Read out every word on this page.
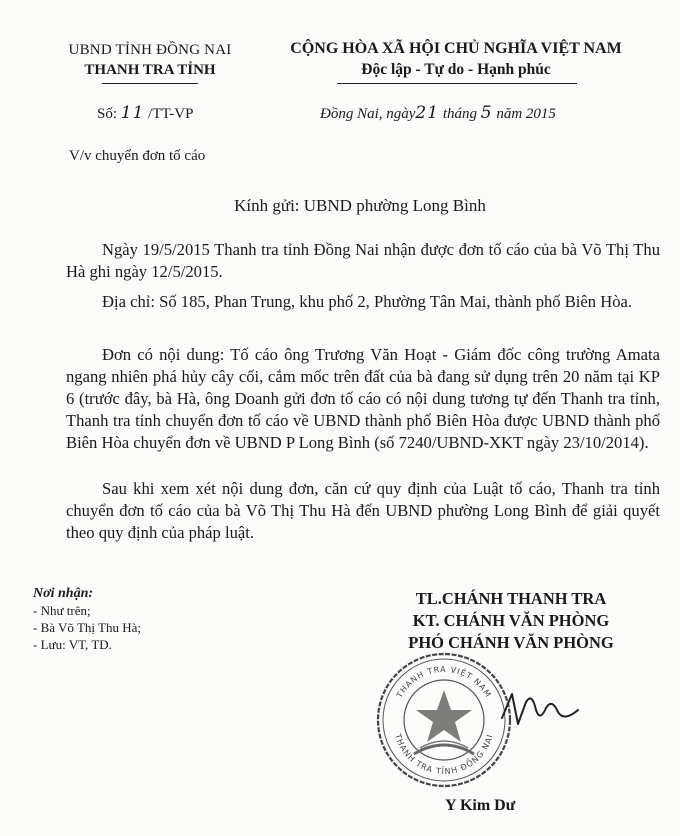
UBND TỈNH ĐỒNG NAI
THANH TRA TỈNH
CỘNG HÒA XÃ HỘI CHỦ NGHĨA VIỆT NAM
Độc lập - Tự do - Hạnh phúc
Số: 11 /TT-VP	Đồng Nai, ngày21 tháng 5 năm 2015
V/v chuyển đơn tố cáo
Kính gửi: UBND phường Long Bình
Ngày 19/5/2015 Thanh tra tỉnh Đồng Nai nhận được đơn tố cáo của bà Võ Thị Thu Hà ghi ngày 12/5/2015.
Địa chỉ: Số 185, Phan Trung, khu phố 2, Phường Tân Mai, thành phố Biên Hòa.
Đơn có nội dung: Tố cáo ông Trương Văn Hoạt - Giám đốc công trường Amata ngang nhiên phá hủy cây cối, cắm mốc trên đất của bà đang sử dụng trên 20 năm tại KP 6 (trước đây, bà Hà, ông Doanh gửi đơn tố cáo có nội dung tương tự đến Thanh tra tỉnh, Thanh tra tỉnh chuyển đơn tố cáo về UBND thành phố Biên Hòa được UBND thành phố Biên Hòa chuyển đơn về UBND P Long Bình (số 7240/UBND-XKT ngày 23/10/2014).
Sau khi xem xét nội dung đơn, căn cứ quy định của Luật tố cáo, Thanh tra tỉnh chuyển đơn tố cáo của bà Võ Thị Thu Hà đến UBND phường Long Bình để giải quyết theo quy định của pháp luật.
Nơi nhận:
- Như trên;
- Bà Võ Thị Thu Hà;
- Lưu: VT, TD.
TL.CHÁNH THANH TRA
KT. CHÁNH VĂN PHÒNG
PHÓ CHÁNH VĂN PHÒNG
THANH TRA VIỆT NAM
THANH TRA TỈNH ĐỒNG NAI
Y Kim Dư
